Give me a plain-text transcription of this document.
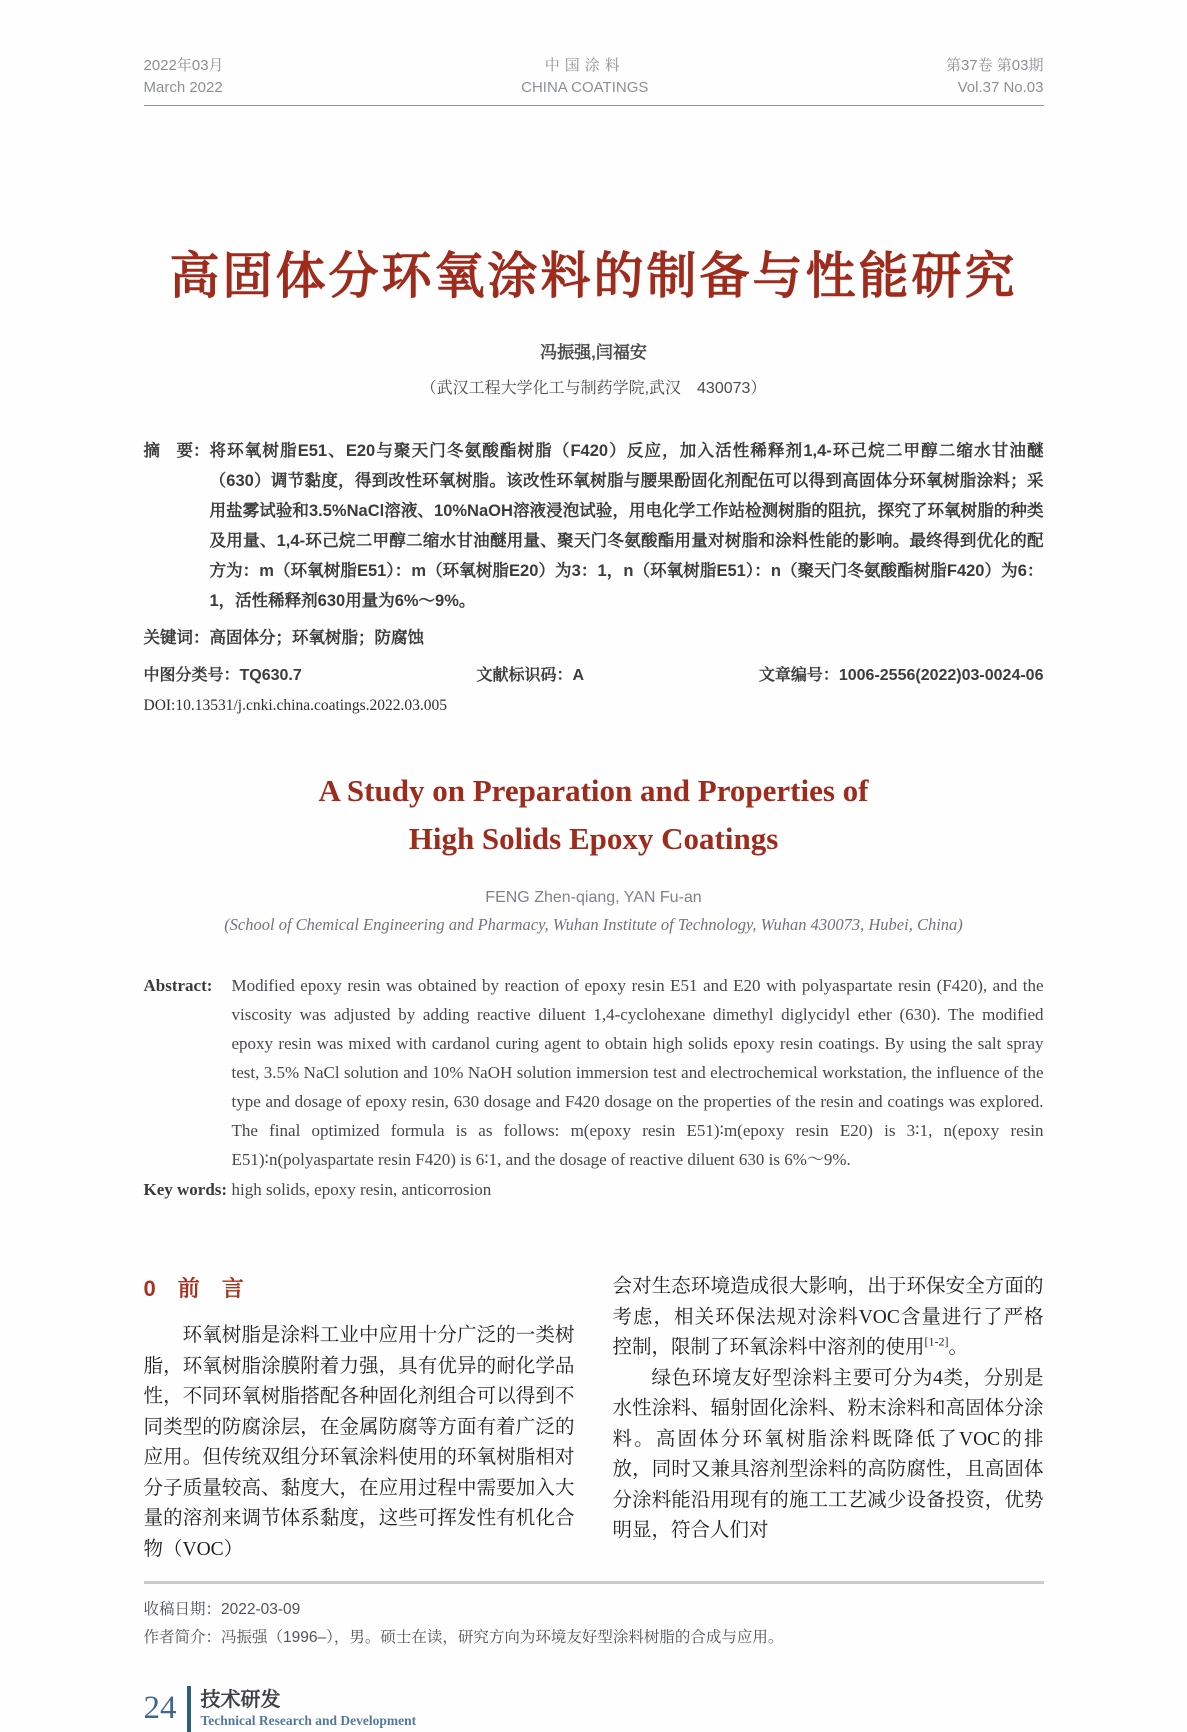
2022年03月
March 2022
中国涂料
CHINA COATINGS
第37卷 第03期
Vol.37 No.03
高固体分环氧涂料的制备与性能研究
冯振强,闫福安
（武汉工程大学化工与制药学院,武汉　430073）
摘　要： 将环氧树脂E51、E20与聚天门冬氨酸酯树脂（F420）反应，加入活性稀释剂1,4-环己烷二甲醇二缩水甘油醚（630）调节黏度，得到改性环氧树脂。该改性环氧树脂与腰果酚固化剂配伍可以得到高固体分环氧树脂涂料；采用盐雾试验和3.5%NaCl溶液、10%NaOH溶液浸泡试验，用电化学工作站检测树脂的阻抗，探究了环氧树脂的种类及用量、1,4-环己烷二甲醇二缩水甘油醚用量、聚天门冬氨酸酯用量对树脂和涂料性能的影响。最终得到优化的配方为：m（环氧树脂E51）：m（环氧树脂E20）为3：1，n（环氧树脂E51）：n（聚天门冬氨酸酯树脂F420）为6：1，活性稀释剂630用量为6%～9%。
关键词：高固体分；环氧树脂；防腐蚀
中图分类号：TQ630.7	文献标识码：A	文章编号：1006-2556(2022)03-0024-06
DOI:10.13531/j.cnki.china.coatings.2022.03.005
A Study on Preparation and Properties of
High Solids Epoxy Coatings
FENG Zhen-qiang, YAN Fu-an
(School of Chemical Engineering and Pharmacy, Wuhan Institute of Technology, Wuhan 430073, Hubei, China)
Abstract:	Modified epoxy resin was obtained by reaction of epoxy resin E51 and E20 with polyaspartate resin (F420), and the viscosity was adjusted by adding reactive diluent 1,4-cyclohexane dimethyl diglycidyl ether (630). The modified epoxy resin was mixed with cardanol curing agent to obtain high solids epoxy resin coatings. By using the salt spray test, 3.5% NaCl solution and 10% NaOH solution immersion test and electrochemical workstation, the influence of the type and dosage of epoxy resin, 630 dosage and F420 dosage on the properties of the resin and coatings was explored. The final optimized formula is as follows: m(epoxy resin E51)∶m(epoxy resin E20) is 3∶1, n(epoxy resin E51)∶n(polyaspartate resin F420) is 6∶1, and the dosage of reactive diluent 630 is 6%～9%.
Key words: high solids, epoxy resin, anticorrosion
0　前　言

环氧树脂是涂料工业中应用十分广泛的一类树脂，环氧树脂涂膜附着力强，具有优异的耐化学品性，不同环氧树脂搭配各种固化剂组合可以得到不同类型的防腐涂层，在金属防腐等方面有着广泛的应用。但传统双组分环氧涂料使用的环氧树脂相对分子质量较高、黏度大，在应用过程中需要加入大量的溶剂来调节体系黏度，这些可挥发性有机化合物（VOC）

会对生态环境造成很大影响，出于环保安全方面的考虑，相关环保法规对涂料VOC含量进行了严格控制，限制了环氧涂料中溶剂的使用[1-2]。

绿色环境友好型涂料主要可分为4类，分别是水性涂料、辐射固化涂料、粉末涂料和高固体分涂料。高固体分环氧树脂涂料既降低了VOC的排放，同时又兼具溶剂型涂料的高防腐性，且高固体分涂料能沿用现有的施工工艺减少设备投资，优势明显，符合人们对

收稿日期：2022-03-09
作者简介：冯振强（1996–），男。硕士在读，研究方向为环境友好型涂料树脂的合成与应用。
24 技术研发
Technical Research and Development
